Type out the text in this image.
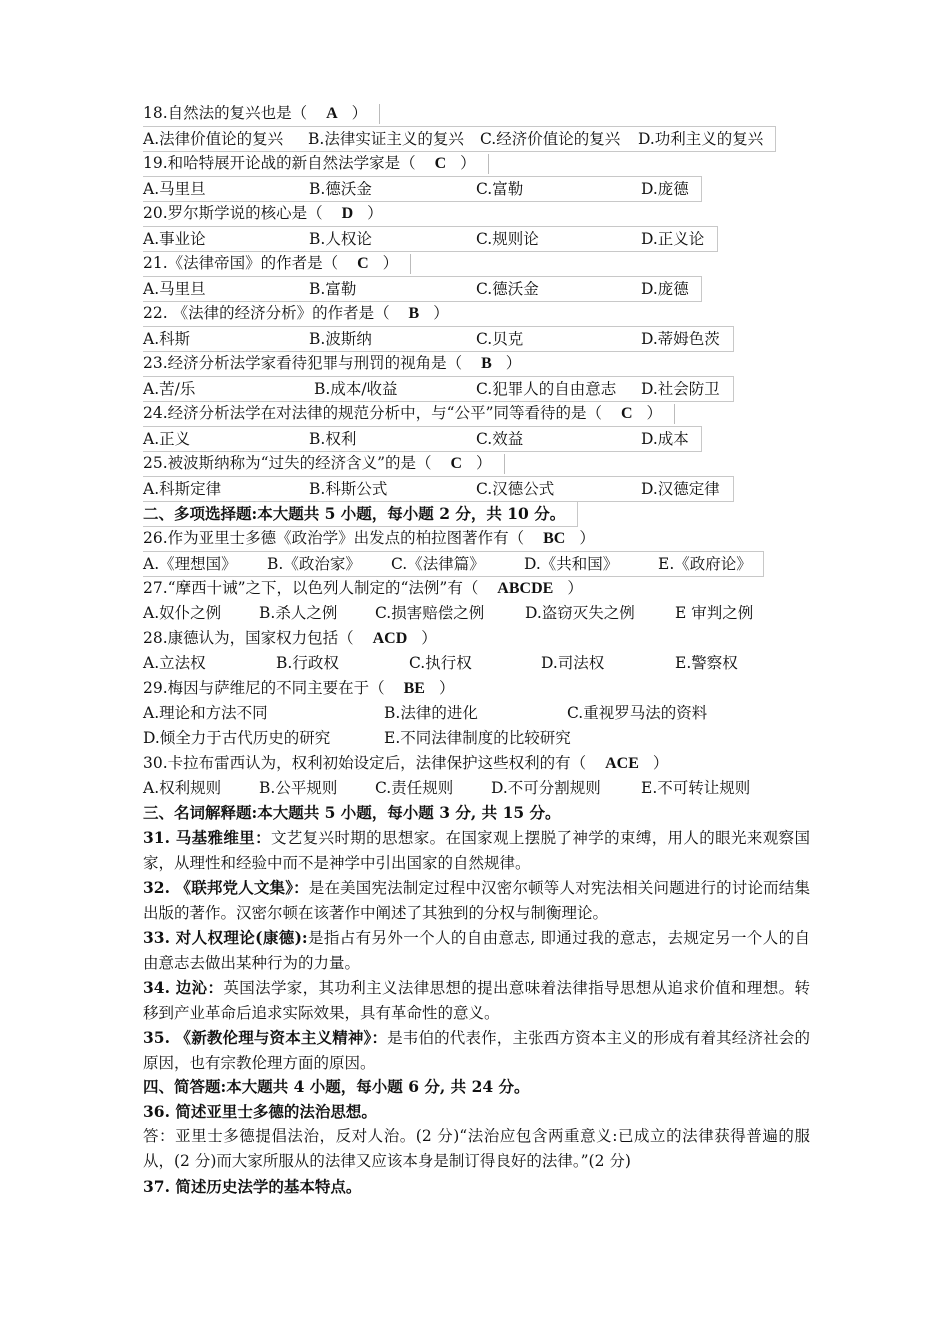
18.自然法的复兴也是（ A ）
A.法律价值论的复兴 B.法律实证主义的复兴 C.经济价值论的复兴 D.功利主义的复兴
19.和哈特展开论战的新自然法学家是（ C ）
A.马里旦	B.德沃金	C.富勒	D.庞德
20.罗尔斯学说的核心是（ D ）
A.事业论	B.人权论	C.规则论	D.正义论
21.《法律帝国》的作者是（ C ）
A.马里旦	B.富勒	C.德沃金	D.庞德
22. 《法律的经济分析》的作者是（ B ）
A.科斯	B.波斯纳	C.贝克	D.蒂姆色茨
23.经济分析法学家看待犯罪与刑罚的视角是（ B ）
A.苦/乐	B.成本/收益	C.犯罪人的自由意志 D.社会防卫
24.经济分析法学在对法律的规范分析中，与“公平”同等看待的是（ C ）
A.正义	B.权利	C.效益	D.成本
25.被波斯纳称为“过失的经济含义”的是（ C ）
A.科斯定律	B.科斯公式	C.汉德公式	D.汉德定律
二、多项选择题:本大题共 5 小题，每小题 2 分，共 10 分。
26.作为亚里士多德《政治学》出发点的柏拉图著作有（ BC ）
A.《理想国》 B.《政治家》 C.《法律篇》	D.《共和国》	E.《政府论》
27.“摩西十诫”之下，以色列人制定的“法例”有（ ABCDE ）
A.奴仆之例 B.杀人之例 C.损害赔偿之例	D.盗窃灭失之例	E 审判之例
28.康德认为，国家权力包括（ ACD ）
A.立法权	B.行政权	C.执行权	D.司法权	E.警察权
29.梅因与萨维尼的不同主要在于（ BE ）
A.理论和方法不同	B.法律的进化	C.重视罗马法的资料
D.倾全力于古代历史的研究	E.不同法律制度的比较研究
30.卡拉布雷西认为，权利初始设定后，法律保护这些权利的有（ ACE ）
A.权利规则 B.公平规则 C.责任规则 D.不可分割规则	E.不可转让规则
三、名词解释题:本大题共 5 小题，每小题 3 分, 共 15 分。
31. 马基雅维里：文艺复兴时期的思想家。在国家观上摆脱了神学的束缚，用人的眼光来观察国家，从理性和经验中而不是神学中引出国家的自然规律。
32. 《联邦党人文集》：是在美国宪法制定过程中汉密尔顿等人对宪法相关问题进行的讨论而结集出版的著作。汉密尔顿在该著作中阐述了其独到的分权与制衡理论。
33. 对人权理论(康德):是指占有另外一个人的自由意志, 即通过我的意志，去规定另一个人的自由意志去做出某种行为的力量。
34. 边沁：英国法学家，其功利主义法律思想的提出意味着法律指导思想从追求价值和理想。转移到产业革命后追求实际效果，具有革命性的意义。
35. 《新教伦理与资本主义精神》：是韦伯的代表作，主张西方资本主义的形成有着其经济社会的原因，也有宗教伦理方面的原因。
四、简答题:本大题共 4 小题，每小题 6 分, 共 24 分。
36. 简述亚里士多德的法治思想。
答：亚里士多德提倡法治，反对人治。(2 分)“法治应包含两重意义:已成立的法律获得普遍的服从，(2 分)而大家所服从的法律又应该本身是制订得良好的法律。”(2 分)
37. 简述历史法学的基本特点。
